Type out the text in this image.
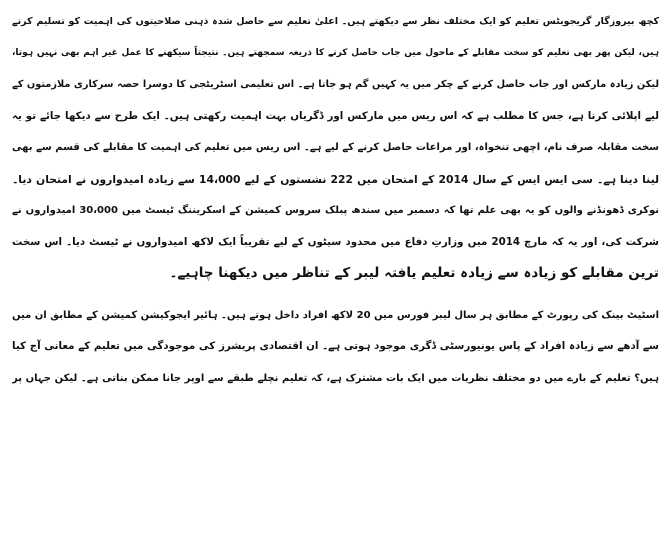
کچھ بیروزگار گریجویٹس تعلیم کو ایک مختلف نظر سے دیکھتے ہیں۔ اعلیٰ تعلیم سے حاصل شدہ ذہنی صلاحیتوں کی اہمیت کو تسلیم کرتے
ہیں، لیکن پھر بھی تعلیم کو سخت مقابلے کے ماحول میں جاب حاصل کرنے کا ذریعہ سمجھتے ہیں۔ نتیجتاً سیکھنے کا عمل غیر اہم بھی نہیں ہوتا،
لیکن زیادہ مارکس اور جاب حاصل کرنے کے چکر میں یہ کہیں گم ہو جاتا ہے۔ اس تعلیمی اسٹریٹجی کا دوسرا حصہ سرکاری ملازمتوں کے
لیے اپلائی کرنا ہے، جس کا مطلب ہے کہ اس ریس میں مارکس اور ڈگریاں بہت اہمیت رکھتی ہیں۔ ایک طرح سے دیکھا جائے تو یہ
سخت مقابلہ صرف نام، اچھی تنخواہ، اور مراعات حاصل کرنے کے لیے ہے۔ اس ریس میں تعلیم کی اہمیت کا مقابلے کی قسم سے بھی
لینا دینا ہے۔ سی ایس ایس کے سال 2014 کے امتحان میں 222 نشستوں کے لیے 14،000 سے زیادہ امیدواروں نے امتحان دیا۔
نوکری ڈھونڈنے والوں کو یہ بھی علم تھا کہ دسمبر میں سندھ پبلک سروس کمیشن کے اسکریننگ ٹیسٹ میں 30،000 امیدواروں نے
شرکت کی، اور یہ کہ مارچ 2014 میں وزارتِ دفاع میں محدود سیٹوں کے لیے تقریباً ایک لاکھ امیدواروں نے ٹیسٹ دیا۔ اس سخت
ترین مقابلے کو زیادہ سے زیادہ تعلیم یافتہ لیبر کے تناظر میں دیکھنا چاہیے۔
اسٹیٹ بینک کی رپورٹ کے مطابق ہر سال لیبر فورس میں 20 لاکھ افراد داخل ہوتے ہیں۔ ہائیر ایجوکیشن کمیشن کے مطابق ان میں
سے آدھے سے زیادہ افراد کے پاس یونیورسٹی ڈگری موجود ہوتی ہے۔ ان اقتصادی پریشرز کی موجودگی میں تعلیم کے معانی آج کیا
ہیں؟ تعلیم کے بارے میں دو مختلف نظریات میں ایک بات مشترک ہے، کہ تعلیم نچلے طبقے سے اوپر جانا ممکن بناتی ہے۔ لیکن جہاں پر
